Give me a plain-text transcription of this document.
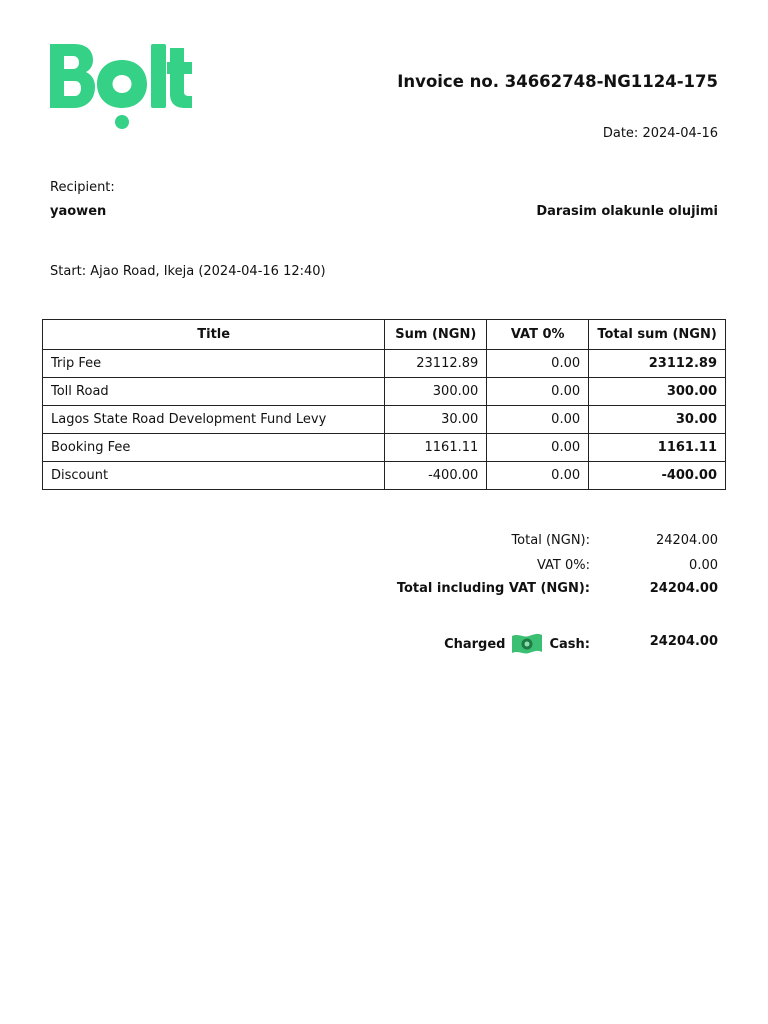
Invoice no. 34662748-NG1124-175
Date: 2024-04-16
Recipient:
yaowen	Darasim olakunle olujimi
Start: Ajao Road, Ikeja (2024-04-16 12:40)
Title	Sum (NGN)	VAT 0%	Total sum (NGN)
Trip Fee	23112.89	0.00	23112.89
Toll Road	300.00	0.00	300.00
Lagos State Road Development Fund Levy	30.00	0.00	30.00
Booking Fee	1161.11	0.00	1161.11
Discount	-400.00	0.00	-400.00
Total (NGN):	24204.00
VAT 0%:	0.00
Total including VAT (NGN):	24204.00
Charged	Cash:	24204.00
